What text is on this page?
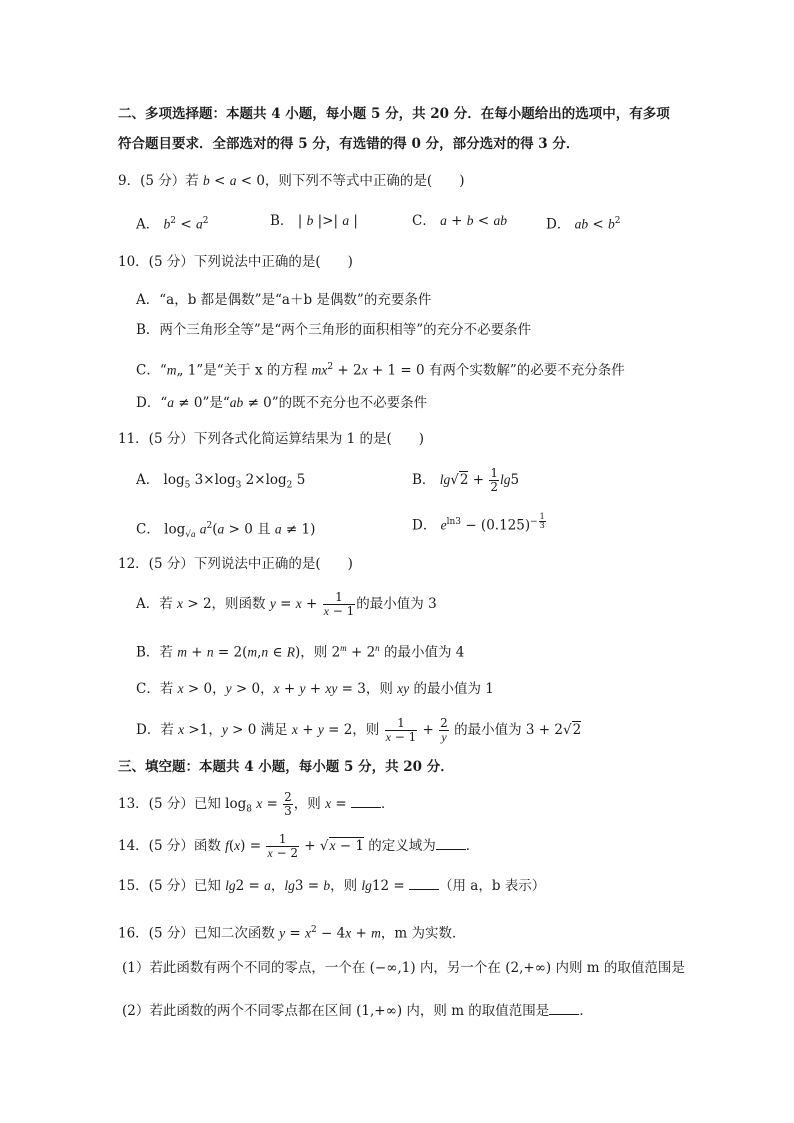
二、多项选择题：本题共 4 小题，每小题 5 分，共 20 分．在每小题给出的选项中，有多项
符合题目要求．全部选对的得 5 分，有选错的得 0 分，部分选对的得 3 分．
9．(5 分）若 b < a < 0，则下列不等式中正确的是(　　)
A． $b^2 < a^2$	B． | b |>| a |	C． a + b < ab	D． ab < $b^2$
10．(5 分）下列说法中正确的是(　　)
A．“a，b 都是偶数”是“a＋b 是偶数”的充要条件
B．两个三角形全等”是“两个三角形的面积相等”的充分不必要条件
C．“m„ 1”是“关于 x 的方程 $mx^2 + 2x + 1 = 0$ 有两个实数解”的必要不充分条件
D．“a ≠ 0”是“ab ≠ 0”的既不充分也不必要条件
11．(5 分）下列各式化简运算结果为 1 的是(　　)
A． $\log_5 3\times\log_3$ $2\times\log_2$ 5	B． $\lg√2 + \frac{1}{2} \lg 5$
C． $\log_{√a} a^2(a > 0$ 且 a ≠ 1)	D． $e^{ln3} - (0.125)^{- \frac{1}{3}}$
12．(5 分）下列说法中正确的是(　　)
A．若 x > 2，则函数 $y = x + \frac{1}{x - 1}$ 的最小值为 3
B．若 m + n = 2(m,n ∈ R)，则 $2^m + 2^n$ 的最小值为 4
C．若 x > 0，y > 0，x + y + xy = 3，则 xy 的最小值为 1
D．若 x >1，y > 0 满足 x + y = 2，则 $\frac{1}{x - 1} + \frac{2}{y}$ 的最小值为 3 + 2√2
三、填空题：本题共 4 小题，每小题 5 分，共 20 分．
13．(5 分）已知 $\log_8 x = \frac{2}{3}$ ，则 x = ．
14．(5 分）函数 $f(x) = \frac{1}{x - 2} + √x - 1$ 的定义域为 ．
15．(5 分）已知 lg2 = a，lg3 = b，则 lg12 = （用 a，b 表示）
16．(5 分）已知二次函数 $y = x^2 - 4x + m$，m 为实数．
(1）若此函数有两个不同的零点，一个在 (−∞,1) 内，另一个在 (2,+∞) 内则 m 的取值范围是
(2）若此函数的两个不同零点都在区间 (1,+∞) 内，则 m 的取值范围是 ．
